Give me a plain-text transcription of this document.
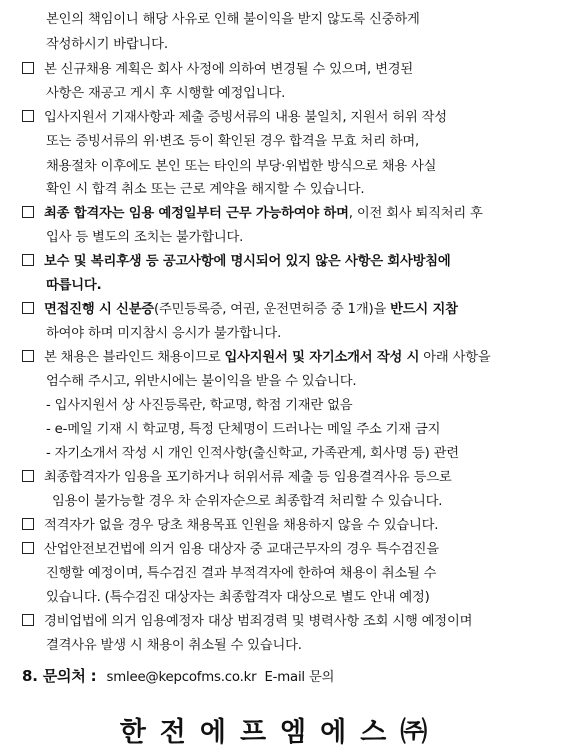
본인의 책임이니 해당 사유로 인해 불이익을 받지 않도록 신중하게
작성하시기 바랍니다.
본 신규채용 계획은 회사 사정에 의하여 변경될 수 있으며, 변경된
사항은 재공고 게시 후 시행할 예정입니다.
입사지원서 기재사항과 제출 증빙서류의 내용 불일치, 지원서 허위 작성
또는 증빙서류의 위·변조 등이 확인된 경우 합격을 무효 처리 하며,
채용절차 이후에도 본인 또는 타인의 부당·위법한 방식으로 채용 사실
확인 시 합격 취소 또는 근로 계약을 해지할 수 있습니다.
최종 합격자는 임용 예정일부터 근무 가능하여야 하며, 이전 회사 퇴직처리 후
입사 등 별도의 조치는 불가합니다.
보수 및 복리후생 등 공고사항에 명시되어 있지 않은 사항은 회사방침에
따릅니다.
면접진행 시 신분증(주민등록증, 여권, 운전면허증 중 1개)을 반드시 지참
하여야 하며 미지참시 응시가 불가합니다.
본 채용은 블라인드 채용이므로 입사지원서 및 자기소개서 작성 시 아래 사항을
엄수해 주시고, 위반시에는 불이익을 받을 수 있습니다.
- 입사지원서 상 사진등록란, 학교명, 학점 기재란 없음
- e-메일 기재 시 학교명, 특정 단체명이 드러나는 메일 주소 기재 금지
- 자기소개서 작성 시 개인 인적사항(출신학교, 가족관계, 회사명 등) 관련
최종합격자가 임용을 포기하거나 허위서류 제출 등 임용결격사유 등으로
임용이 불가능할 경우 차 순위자순으로 최종합격 처리할 수 있습니다.
적격자가 없을 경우 당초 채용목표 인원을 채용하지 않을 수 있습니다.
산업안전보건법에 의거 임용 대상자 중 교대근무자의 경우 특수검진을
진행할 예정이며, 특수검진 결과 부적격자에 한하여 채용이 취소될 수
있습니다. (특수검진 대상자는 최종합격자 대상으로 별도 안내 예정)
경비업법에 의거 임용예정자 대상 범죄경력 및 병력사항 조회 시행 예정이며
결격사유 발생 시 채용이 취소될 수 있습니다.
8. 문의처 : smlee@kepcofms.co.kr E-mail 문의
한전에프엠에스㈜
